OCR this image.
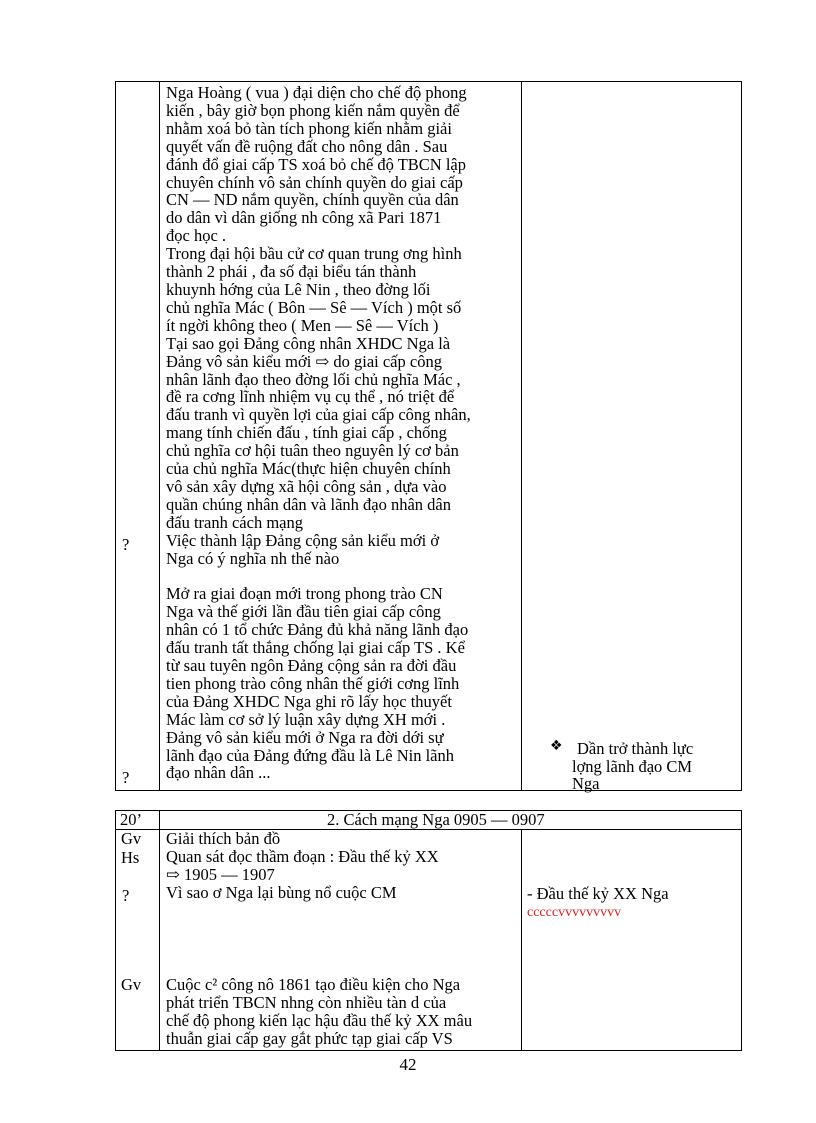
?
?
Nga Hoàng ( vua ) đại diện cho chế độ phong
kiến , bây giờ bọn phong kiến nắm quyền để
nhằm xoá bỏ tàn tích phong kiến nhằm giải
quyết vấn đề ruộng đất cho nông dân . Sau
đánh đổ giai cấp TS xoá bỏ chế độ TBCN lập
chuyên chính vô sản chính quyền do giai cấp
CN — ND nắm quyền, chính quyền của dân
do dân vì dân giống nh công xã Pari 1871
đọc học .
Trong đại hội bầu cử cơ quan trung ơng hình
thành 2 phái , đa số đại biểu tán thành
khuynh hớng của Lê Nin , theo đờng lối
chủ nghĩa Mác ( Bôn — Sê — Vích ) một số
ít ngời không theo ( Men — Sê — Vích )
Tại sao gọi Đảng công nhân XHDC Nga là
Đảng vô sản kiểu mới ⇨ do giai cấp công
nhân lãnh đạo theo đờng lối chủ nghĩa Mác ,
đề ra cơng lĩnh nhiệm vụ cụ thể , nó triệt để
đấu tranh vì quyền lợi của giai cấp công nhân,
mang tính chiến đấu , tính giai cấp , chống
chủ nghĩa cơ hội tuân theo nguyên lý cơ bản
của chủ nghĩa Mác(thực hiện chuyên chính
vô sản xây dựng xã hội công sản , dựa vào
quần chúng nhân dân và lãnh đạo nhân dân
đấu tranh cách mạng
Việc thành lập Đảng cộng sản kiểu mới ở
Nga có ý nghĩa nh thế nào

Mở ra giai đoạn mới trong phong trào CN
Nga và thế giới lần đầu tiên giai cấp công
nhân có 1 tổ chức Đảng đủ khả năng lãnh đạo
đấu tranh tất thắng chống lại giai cấp TS . Kể
từ sau tuyên ngôn Đảng cộng sản ra đời đầu
tien phong trào công nhân thế giới cơng lĩnh
của Đảng XHDC Nga ghi rõ lấy học thuyết
Mác làm cơ sở lý luận xây dựng XH mới .
Đảng vô sản kiểu mới ở Nga ra đời dới sự
lãnh đạo của Đảng đứng đầu là Lê Nin lãnh
đạo nhân dân ...
❖ Dần trở thành lực
lợng lãnh đạo CM
Nga
20’	2. Cách mạng Nga 0905 — 0907
Gv
Hs
?
Gv
Giải thích bản đồ
Quan sát đọc thầm đoạn : Đầu thế kỷ XX
⇨ 1905 — 1907
Vì sao ơ Nga lại bùng nổ cuộc CM
Cuộc c² công nô 1861 tạo điều kiện cho Nga
phát triển TBCN nhng còn nhiều tàn d của
chế độ phong kiến lạc hậu đầu thế kỷ XX mâu
thuẫn giai cấp gay gắt phức tạp giai cấp VS
- Đầu thế kỷ XX Nga
cccccvvvvvvvvv
42
